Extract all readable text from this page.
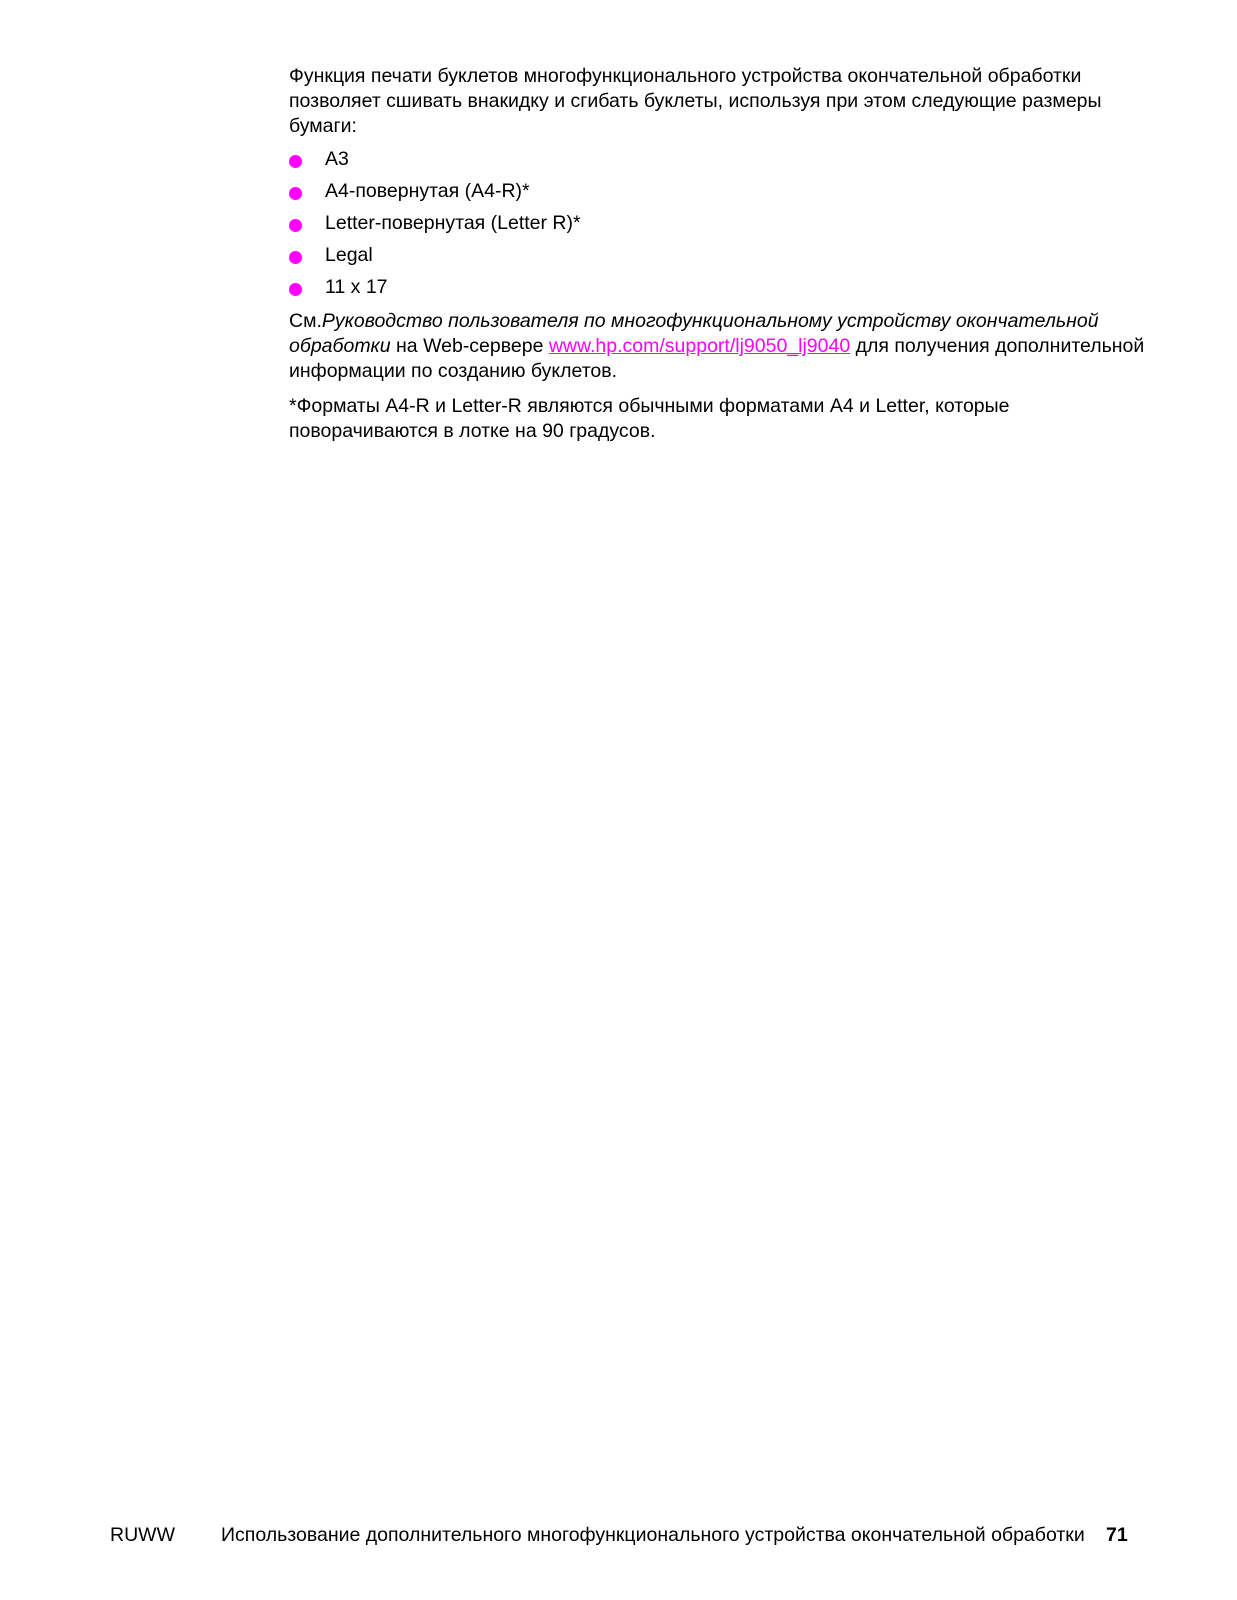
Функция печати буклетов многофункционального устройства окончательной обработки позволяет сшивать внакидку и сгибать буклеты, используя при этом следующие размеры бумаги:

A3
A4-повернутая (A4-R)*
Letter-повернутая (Letter R)*
Legal
11 x 17

См.Руководство пользователя по многофункциональному устройству окончательной обработки на Web-сервере www.hp.com/support/lj9050_lj9040 для получения дополнительной информации по созданию буклетов.

*Форматы A4-R и Letter-R являются обычными форматами A4 и Letter, которые поворачиваются в лотке на 90 градусов.

RUWW Использование дополнительного многофункционального устройства окончательной обработки 71
